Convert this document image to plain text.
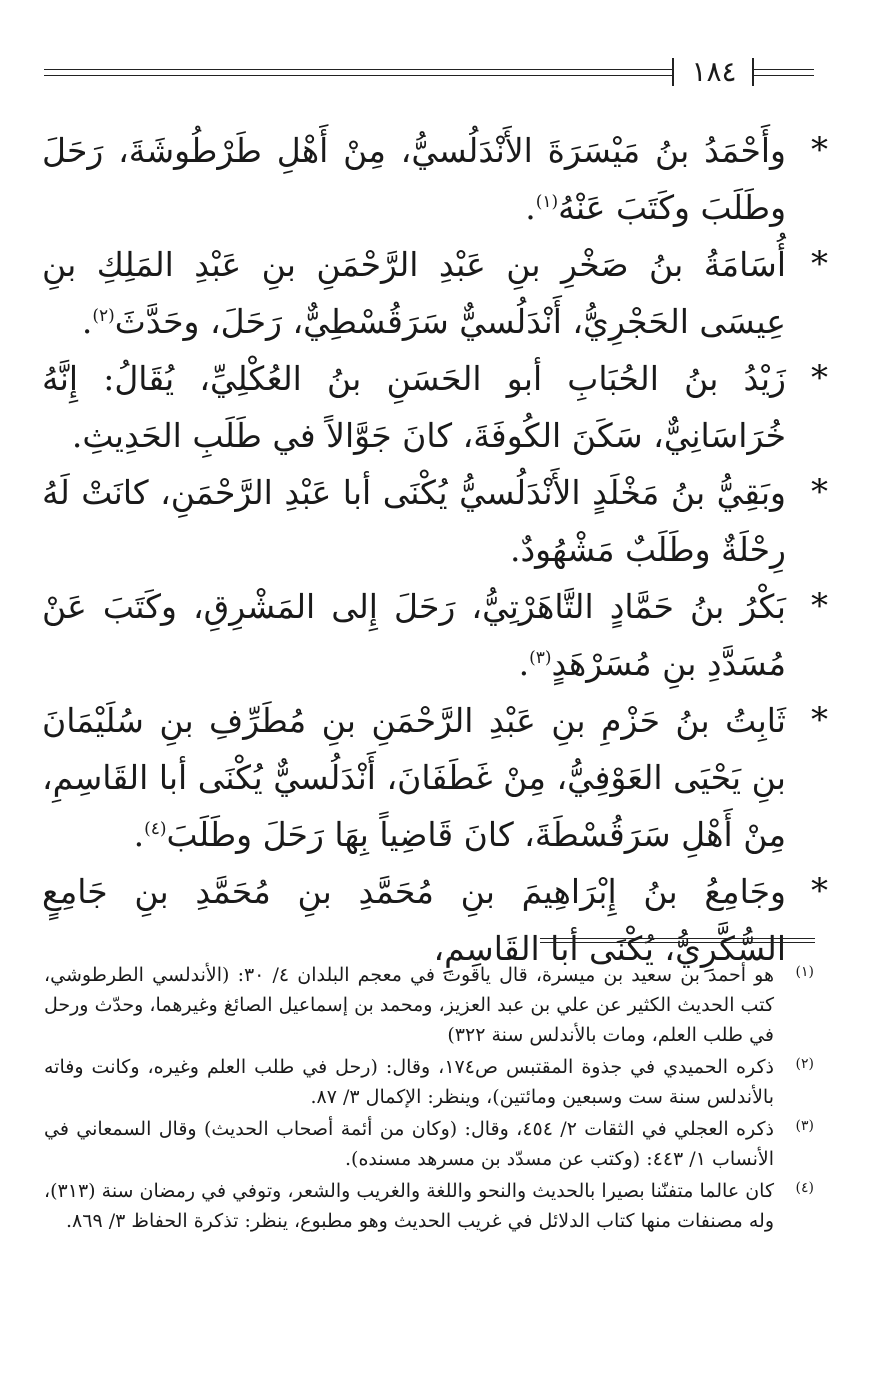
١٨٤
*
وأَحْمَدُ بنُ مَيْسَرَةَ الأَنْدَلُسيُّ، مِنْ أَهْلِ طَرْطُوشَةَ، رَحَلَ وطَلَبَ وكَتَبَ عَنْهُ$^{(١)}$.
*
أُسَامَةُ بنُ صَخْرِ بنِ عَبْدِ الرَّحْمَنِ بنِ عَبْدِ المَلِكِ بنِ عِيسَى الحَجْرِيُّ، أَنْدَلُسيٌّ سَرَقُسْطِيٌّ، رَحَلَ، وحَدَّثَ$^{(٢)}$.
*
زَيْدُ بنُ الحُبَابِ أبو الحَسَنِ بنُ العُكْلِيِّ، يُقَالُ: إِنَّهُ خُرَاسَانِيٌّ، سَكَنَ الكُوفَةَ، كانَ جَوَّالاً في طَلَبِ الحَدِيثِ.
*
وبَقِيُّ بنُ مَخْلَدٍ الأَنْدَلُسيُّ يُكْنَى أبا عَبْدِ الرَّحْمَنِ، كانَتْ لَهُ رِحْلَةٌ وطَلَبٌ مَشْهُودٌ.
*
بَكْرُ بنُ حَمَّادٍ التَّاهَرْتِيُّ، رَحَلَ إِلى المَشْرِقِ، وكَتَبَ عَنْ مُسَدَّدِ بنِ مُسَرْهَدٍ$^{(٣)}$.
*
ثَابِتُ بنُ حَزْمِ بنِ عَبْدِ الرَّحْمَنِ بنِ مُطَرِّفِ بنِ سُلَيْمَانَ بنِ يَحْيَى العَوْفِيُّ، مِنْ غَطَفَانَ، أَنْدَلُسيٌّ يُكْنَى أبا القَاسِمِ، مِنْ أَهْلِ سَرَقُسْطَةَ، كانَ قَاضِياً بِهَا رَحَلَ وطَلَبَ$^{(٤)}$.
*
وجَامِعُ بنُ إِبْرَاهِيمَ بنِ مُحَمَّدِ بنِ مُحَمَّدِ بنِ جَامِعٍ السُّكَّرِيُّ، يُكْنَى أبا القَاسِمِ،
(١)
هو أحمد بن سعيد بن ميسرة، قال ياقوت في معجم البلدان ٤/ ٣٠: (الأندلسي الطرطوشي، كتب الحديث الكثير عن علي بن عبد العزيز، ومحمد بن إسماعيل الصائغ وغيرهما، وحدّث ورحل في طلب العلم، ومات بالأندلس سنة ٣٢٢)
(٢)
ذكره الحميدي في جذوة المقتبس ص١٧٤، وقال: (رحل في طلب العلم وغيره، وكانت وفاته بالأندلس سنة ست وسبعين ومائتين)، وينظر: الإكمال ٣/ ٨٧.
(٣)
ذكره العجلي في الثقات ٢/ ٤٥٤، وقال: (وكان من أئمة أصحاب الحديث) وقال السمعاني في الأنساب ١/ ٤٤٣: (وكتب عن مسدّد بن مسرهد مسنده).
(٤)
كان عالما متفنّنا بصيرا بالحديث والنحو واللغة والغريب والشعر، وتوفي في رمضان سنة (٣١٣)، وله مصنفات منها كتاب الدلائل في غريب الحديث وهو مطبوع، ينظر: تذكرة الحفاظ ٣/ ٨٦٩.
